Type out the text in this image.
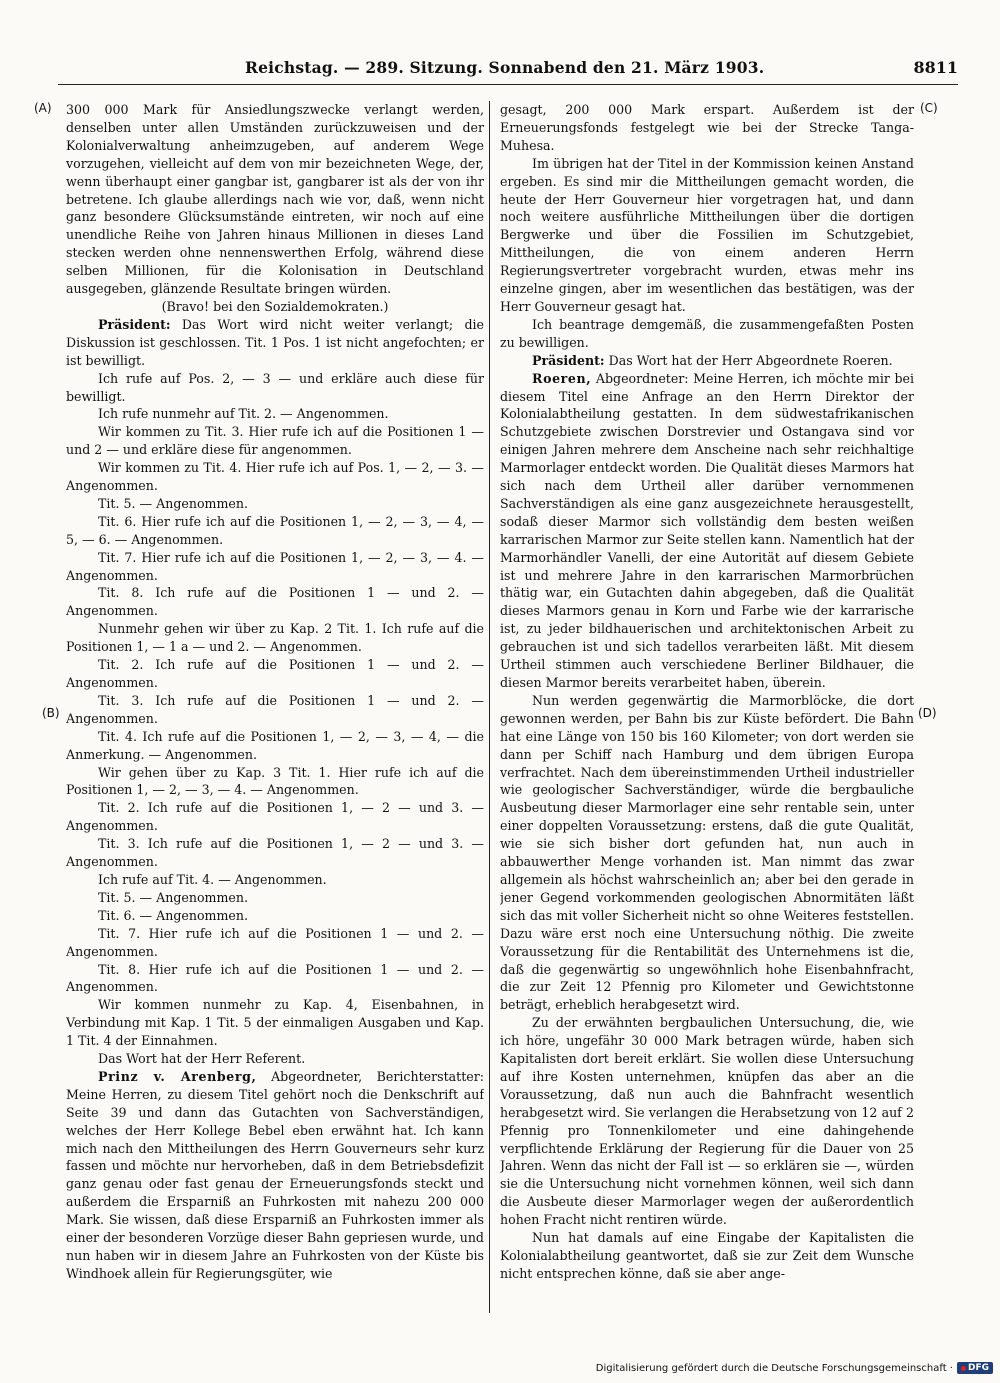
Reichstag. — 289. Sitzung. Sonnabend den 21. März 1903.	8811
(A)
(B)
(C)
(D)

300 000 Mark für Ansiedlungszwecke verlangt werden, denselben unter allen Umständen zurückzuweisen und der Kolonialverwaltung anheimzugeben, auf anderem Wege vorzugehen, vielleicht auf dem von mir bezeichneten Wege, der, wenn überhaupt einer gangbar ist, gangbarer ist als der von ihr betretene. Ich glaube allerdings nach wie vor, daß, wenn nicht ganz besondere Glücksumstände eintreten, wir noch auf eine unendliche Reihe von Jahren hinaus Millionen in dieses Land stecken werden ohne nennenswerthen Erfolg, während diese selben Millionen, für die Kolonisation in Deutschland ausgegeben, glänzende Resultate bringen würden.

(Bravo! bei den Sozialdemokraten.)

Präsident: Das Wort wird nicht weiter verlangt; die Diskussion ist geschlossen. Tit. 1 Pos. 1 ist nicht angefochten; er ist bewilligt.

Ich rufe auf Pos. 2, — 3 — und erkläre auch diese für bewilligt.

Ich rufe nunmehr auf Tit. 2. — Angenommen.

Wir kommen zu Tit. 3. Hier rufe ich auf die Positionen 1 — und 2 — und erkläre diese für angenommen.

Wir kommen zu Tit. 4. Hier rufe ich auf Pos. 1, — 2, — 3. — Angenommen.

Tit. 5. — Angenommen.

Tit. 6. Hier rufe ich auf die Positionen 1, — 2, — 3, — 4, — 5, — 6. — Angenommen.

Tit. 7. Hier rufe ich auf die Positionen 1, — 2, — 3, — 4. — Angenommen.

Tit. 8. Ich rufe auf die Positionen 1 — und 2. — Angenommen.

Nunmehr gehen wir über zu Kap. 2 Tit. 1. Ich rufe auf die Positionen 1, — 1 a — und 2. — Angenommen.

Tit. 2. Ich rufe auf die Positionen 1 — und 2. — Angenommen.

Tit. 3. Ich rufe auf die Positionen 1 — und 2. — Angenommen.

Tit. 4. Ich rufe auf die Positionen 1, — 2, — 3, — 4, — die Anmerkung. — Angenommen.

Wir gehen über zu Kap. 3 Tit. 1. Hier rufe ich auf die Positionen 1, — 2, — 3, — 4. — Angenommen.

Tit. 2. Ich rufe auf die Positionen 1, — 2 — und 3. — Angenommen.

Tit. 3. Ich rufe auf die Positionen 1, — 2 — und 3. — Angenommen.

Ich rufe auf Tit. 4. — Angenommen.

Tit. 5. — Angenommen.

Tit. 6. — Angenommen.

Tit. 7. Hier rufe ich auf die Positionen 1 — und 2. — Angenommen.

Tit. 8. Hier rufe ich auf die Positionen 1 — und 2. — Angenommen.

Wir kommen nunmehr zu Kap. 4, Eisenbahnen, in Verbindung mit Kap. 1 Tit. 5 der einmaligen Ausgaben und Kap. 1 Tit. 4 der Einnahmen.

Das Wort hat der Herr Referent.

Prinz v. Arenberg, Abgeordneter, Berichterstatter: Meine Herren, zu diesem Titel gehört noch die Denkschrift auf Seite 39 und dann das Gutachten von Sachverständigen, welches der Herr Kollege Bebel eben erwähnt hat. Ich kann mich nach den Mittheilungen des Herrn Gouverneurs sehr kurz fassen und möchte nur hervorheben, daß in dem Betriebsdefizit ganz genau oder fast genau der Erneuerungsfonds steckt und außerdem die Ersparniß an Fuhrkosten mit nahezu 200 000 Mark. Sie wissen, daß diese Ersparniß an Fuhrkosten immer als einer der besonderen Vorzüge dieser Bahn gepriesen wurde, und nun haben wir in diesem Jahre an Fuhrkosten von der Küste bis Windhoek allein für Regierungsgüter, wie

gesagt, 200 000 Mark erspart. Außerdem ist der Erneuerungsfonds festgelegt wie bei der Strecke Tanga-Muhesa.

Im übrigen hat der Titel in der Kommission keinen Anstand ergeben. Es sind mir die Mittheilungen gemacht worden, die heute der Herr Gouverneur hier vorgetragen hat, und dann noch weitere ausführliche Mittheilungen über die dortigen Bergwerke und über die Fossilien im Schutzgebiet, Mittheilungen, die von einem anderen Herrn Regierungsvertreter vorgebracht wurden, etwas mehr ins einzelne gingen, aber im wesentlichen das bestätigen, was der Herr Gouverneur gesagt hat.

Ich beantrage demgemäß, die zusammengefaßten Posten zu bewilligen.

Präsident: Das Wort hat der Herr Abgeordnete Roeren.

Roeren, Abgeordneter: Meine Herren, ich möchte mir bei diesem Titel eine Anfrage an den Herrn Direktor der Kolonialabtheilung gestatten. In dem südwestafrikanischen Schutzgebiete zwischen Dorstrevier und Ostangava sind vor einigen Jahren mehrere dem Anscheine nach sehr reichhaltige Marmorlager entdeckt worden. Die Qualität dieses Marmors hat sich nach dem Urtheil aller darüber vernommenen Sachverständigen als eine ganz ausgezeichnete herausgestellt, sodaß dieser Marmor sich vollständig dem besten weißen karrarischen Marmor zur Seite stellen kann. Namentlich hat der Marmorhändler Vanelli, der eine Autorität auf diesem Gebiete ist und mehrere Jahre in den karrarischen Marmorbrüchen thätig war, ein Gutachten dahin abgegeben, daß die Qualität dieses Marmors genau in Korn und Farbe wie der karrarische ist, zu jeder bildhauerischen und architektonischen Arbeit zu gebrauchen ist und sich tadellos verarbeiten läßt. Mit diesem Urtheil stimmen auch verschiedene Berliner Bildhauer, die diesen Marmor bereits verarbeitet haben, überein.

Nun werden gegenwärtig die Marmorblöcke, die dort gewonnen werden, per Bahn bis zur Küste befördert. Die Bahn hat eine Länge von 150 bis 160 Kilometer; von dort werden sie dann per Schiff nach Hamburg und dem übrigen Europa verfrachtet. Nach dem übereinstimmenden Urtheil industrieller wie geologischer Sachverständiger, würde die bergbauliche Ausbeutung dieser Marmorlager eine sehr rentable sein, unter einer doppelten Voraussetzung: erstens, daß die gute Qualität, wie sie sich bisher dort gefunden hat, nun auch in abbauwerther Menge vorhanden ist. Man nimmt das zwar allgemein als höchst wahrscheinlich an; aber bei den gerade in jener Gegend vorkommenden geologischen Abnormitäten läßt sich das mit voller Sicherheit nicht so ohne Weiteres feststellen. Dazu wäre erst noch eine Untersuchung nöthig. Die zweite Voraussetzung für die Rentabilität des Unternehmens ist die, daß die gegenwärtig so ungewöhnlich hohe Eisenbahnfracht, die zur Zeit 12 Pfennig pro Kilometer und Gewichtstonne beträgt, erheblich herabgesetzt wird.

Zu der erwähnten bergbaulichen Untersuchung, die, wie ich höre, ungefähr 30 000 Mark betragen würde, haben sich Kapitalisten dort bereit erklärt. Sie wollen diese Untersuchung auf ihre Kosten unternehmen, knüpfen das aber an die Voraussetzung, daß nun auch die Bahnfracht wesentlich herabgesetzt wird. Sie verlangen die Herabsetzung von 12 auf 2 Pfennig pro Tonnenkilometer und eine dahingehende verpflichtende Erklärung der Regierung für die Dauer von 25 Jahren. Wenn das nicht der Fall ist — so erklären sie —, würden sie die Untersuchung nicht vornehmen können, weil sich dann die Ausbeute dieser Marmorlager wegen der außerordentlich hohen Fracht nicht rentiren würde.

Nun hat damals auf eine Eingabe der Kapitalisten die Kolonialabtheilung geantwortet, daß sie zur Zeit dem Wunsche nicht entsprechen könne, daß sie aber ange-

Digitalisierung gefördert durch die Deutsche Forschungsgemeinschaft · DFG
